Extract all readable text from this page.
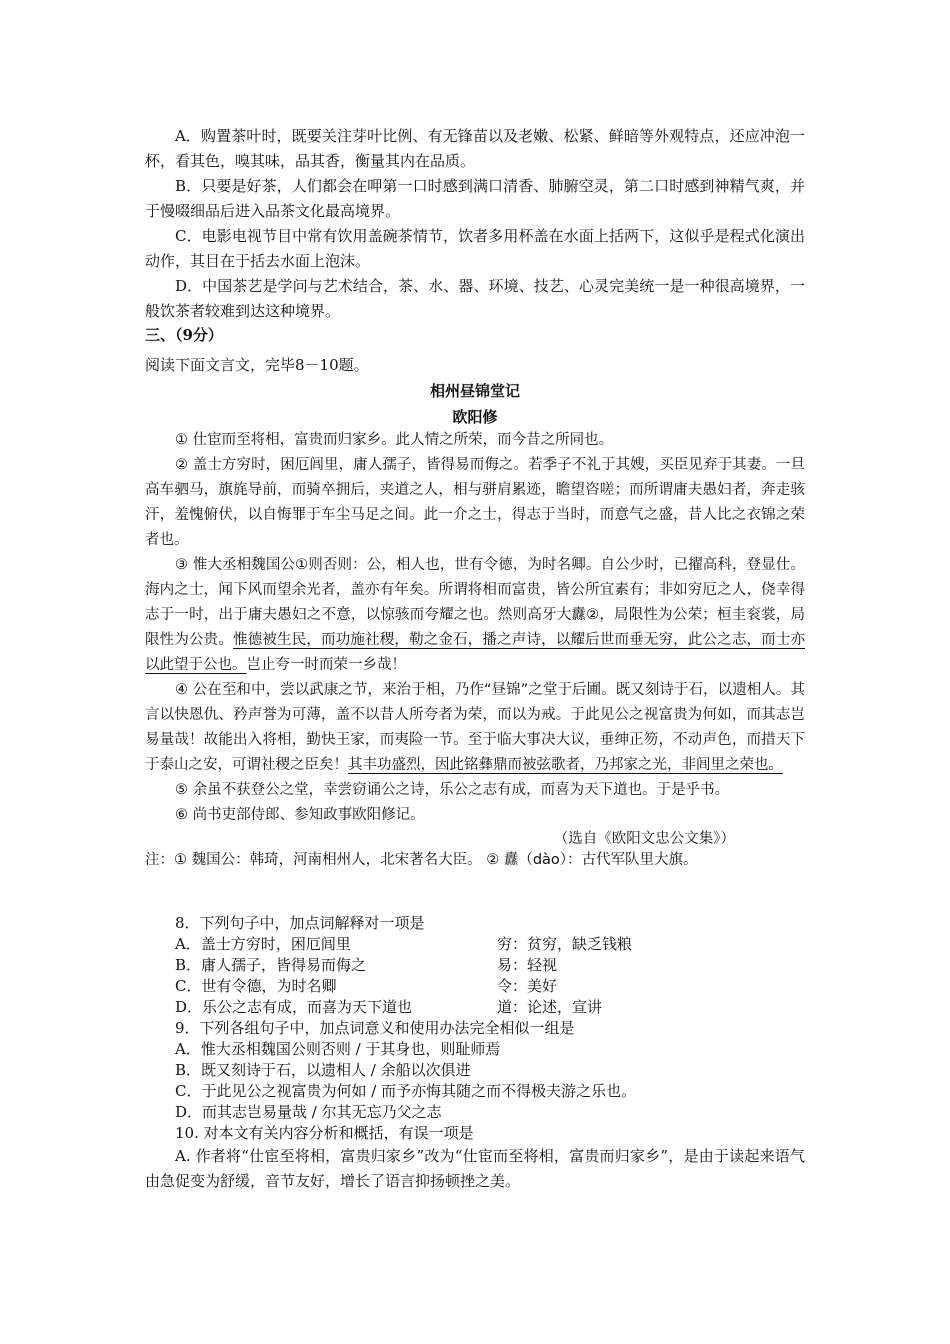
A．购置茶叶时，既要关注芽叶比例、有无锋苗以及老嫩、松紧、鲜暗等外观特点，还应冲泡一杯，看其色，嗅其味，品其香，衡量其内在品质。

B．只要是好茶，人们都会在呷第一口时感到满口清香、肺腑空灵，第二口时感到神精气爽，并于慢啜细品后进入品茶文化最高境界。

C．电影电视节目中常有饮用盖碗茶情节，饮者多用杯盖在水面上括两下，这似乎是程式化演出动作，其目在于括去水面上泡沫。

D．中国茶艺是学问与艺术结合，茶、水、器、环境、技艺、心灵完美统一是一种很高境界，一般饮茶者较难到达这种境界。

三、（9分）

阅读下面文言文，完毕8－10题。

相州昼锦堂记

欧阳修

① 仕宦而至将相，富贵而归家乡。此人情之所荣，而今昔之所同也。

② 盖士方穷时，困厄闾里，庸人孺子，皆得易而侮之。若季子不礼于其嫂，买臣见弃于其妻。一旦高车驷马，旗旄导前，而骑卒拥后，夹道之人，相与骈肩累迹，瞻望咨嗟；而所谓庸夫愚妇者，奔走骇汗，羞愧俯伏，以自悔罪于车尘马足之间。此一介之士，得志于当时，而意气之盛，昔人比之衣锦之荣者也。

③ 惟大丞相魏国公①则否则：公，相人也，世有令德，为时名卿。自公少时，已擢高科，登显仕。海内之士，闻下风而望余光者，盖亦有年矣。所谓将相而富贵，皆公所宜素有；非如穷厄之人，侥幸得志于一时，出于庸夫愚妇之不意，以惊骇而夸耀之也。然则高牙大纛②，局限性为公荣；桓圭衮裳，局限性为公贵。惟德被生民，而功施社稷，勒之金石，播之声诗，以耀后世而垂无穷，此公之志，而士亦以此望于公也。岂止夸一时而荣一乡哉！

④ 公在至和中，尝以武康之节，来治于相，乃作“昼锦”之堂于后圃。既又刻诗于石，以遗相人。其言以快恩仇、矜声誉为可薄，盖不以昔人所夸者为荣，而以为戒。于此见公之视富贵为何如，而其志岂易量哉！故能出入将相，勤快王家，而夷险一节。至于临大事决大议，垂绅正笏，不动声色，而措天下于泰山之安，可谓社稷之臣矣！其丰功盛烈，因此铭彝鼎而被弦歌者，乃邦家之光，非闾里之荣也。

⑤ 余虽不获登公之堂，幸尝窃诵公之诗，乐公之志有成，而喜为天下道也。于是乎书。

⑥ 尚书吏部侍郎、参知政事欧阳修记。

（选自《欧阳文忠公文集》）

注：① 魏国公：韩琦，河南相州人，北宋著名大臣。 ② 纛（dào）：古代军队里大旗。

8．下列句子中，加点词解释对一项是

A．盖士方穷时，困厄闾里	穷：贫穷，缺乏钱粮
B．庸人孺子，皆得易而侮之	易：轻视
C．世有令德，为时名卿	令：美好
D．乐公之志有成，而喜为天下道也	道：论述，宣讲

9．下列各组句子中，加点词意义和使用办法完全相似一组是

A．惟大丞相魏国公则否则 / 于其身也，则耻师焉

B．既又刻诗于石，以遗相人 / 余船以次俱进

C．于此见公之视富贵为何如 / 而予亦悔其随之而不得极夫游之乐也。

D．而其志岂易量哉 / 尔其无忘乃父之志

10. 对本文有关内容分析和概括，有误一项是

A. 作者将“仕宦至将相，富贵归家乡”改为“仕宦而至将相，富贵而归家乡”，是由于读起来语气由急促变为舒缓，音节友好，增长了语言抑扬顿挫之美。
